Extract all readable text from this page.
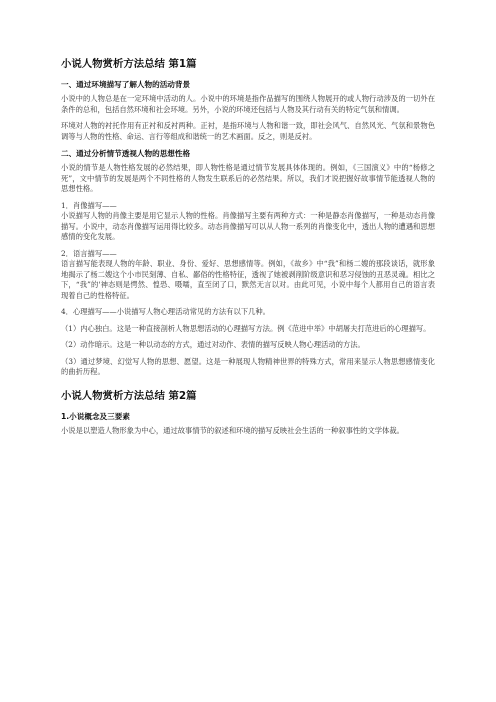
小说人物赏析方法总结 第1篇
一、通过环境描写了解人物的活动背景

小说中的人物总是在一定环境中活动的人。小说中的环境是指作品描写的围绕人物展开的或人物行动涉及的一切外在条件的总和，包括自然环境和社会环境。另外，小说的环境还包括与人物及其行动有关的特定气氛和情调。

环境对人物的衬托作用有正衬和反衬两种。正衬，是指环境与人物和谐一致，即社会风气、自然风光、气氛和景物色调等与人物的性格、命运、言行等组成和谐统一的艺术画面。反之，则是反衬。

二、通过分析情节透视人物的思想性格

小说的情节是人物性格发展的必然结果，即人物性格是通过情节发展具体体现的。例如，《三国演义》中的“杨修之死”，文中情节的发展是两个不同性格的人物发生联系后的必然结果。所以，我们才说把握好故事情节能透视人物的思想性格。

1．肖像描写——

小说描写人物的肖像主要是用它显示人物的性格。肖像描写主要有两种方式：一种是静态肖像描写，一种是动态肖像描写。小说中，动态肖像描写运用得比较多。动态肖像描写可以从人物一系列的肖像变化中，透出人物的遭遇和思想感情的变化发展。

2．语言描写——

语言描写能表现人物的年龄、职业、身份、爱好、思想感情等。例如，《故乡》中“我”和杨二嫂的那段谈话，就形象地揭示了杨二嫂这个小市民刻薄、自私、鄙俗的性格特征，透视了她被剥削阶级意识和恶习侵蚀的丑恶灵魂。相比之下，“我”的'神态则是愕然、惶恐、嗫嚅，直至闭了口，默然无言以对。由此可见，小说中每个人都用自己的语言表现着自己的性格特征。

4．心理描写——小说描写人物心理活动常见的方法有以下几种。

（1）内心独白。这是一种直接剖析人物思想活动的心理描写方法。例《范进中举》中胡屠夫打范进后的心理描写。

（2）动作暗示。这是一种以动态的方式，通过对动作、表情的描写反映人物心理活动的方法。

（3）通过梦境、幻觉写人物的思想、愿望。这是一种展现人物精神世界的特殊方式，常用来显示人物思想感情变化的曲折历程。

小说人物赏析方法总结 第2篇
1.小说概念及三要素

小说是以塑造人物形象为中心，通过故事情节的叙述和环境的描写反映社会生活的一种叙事性的文学体裁。
